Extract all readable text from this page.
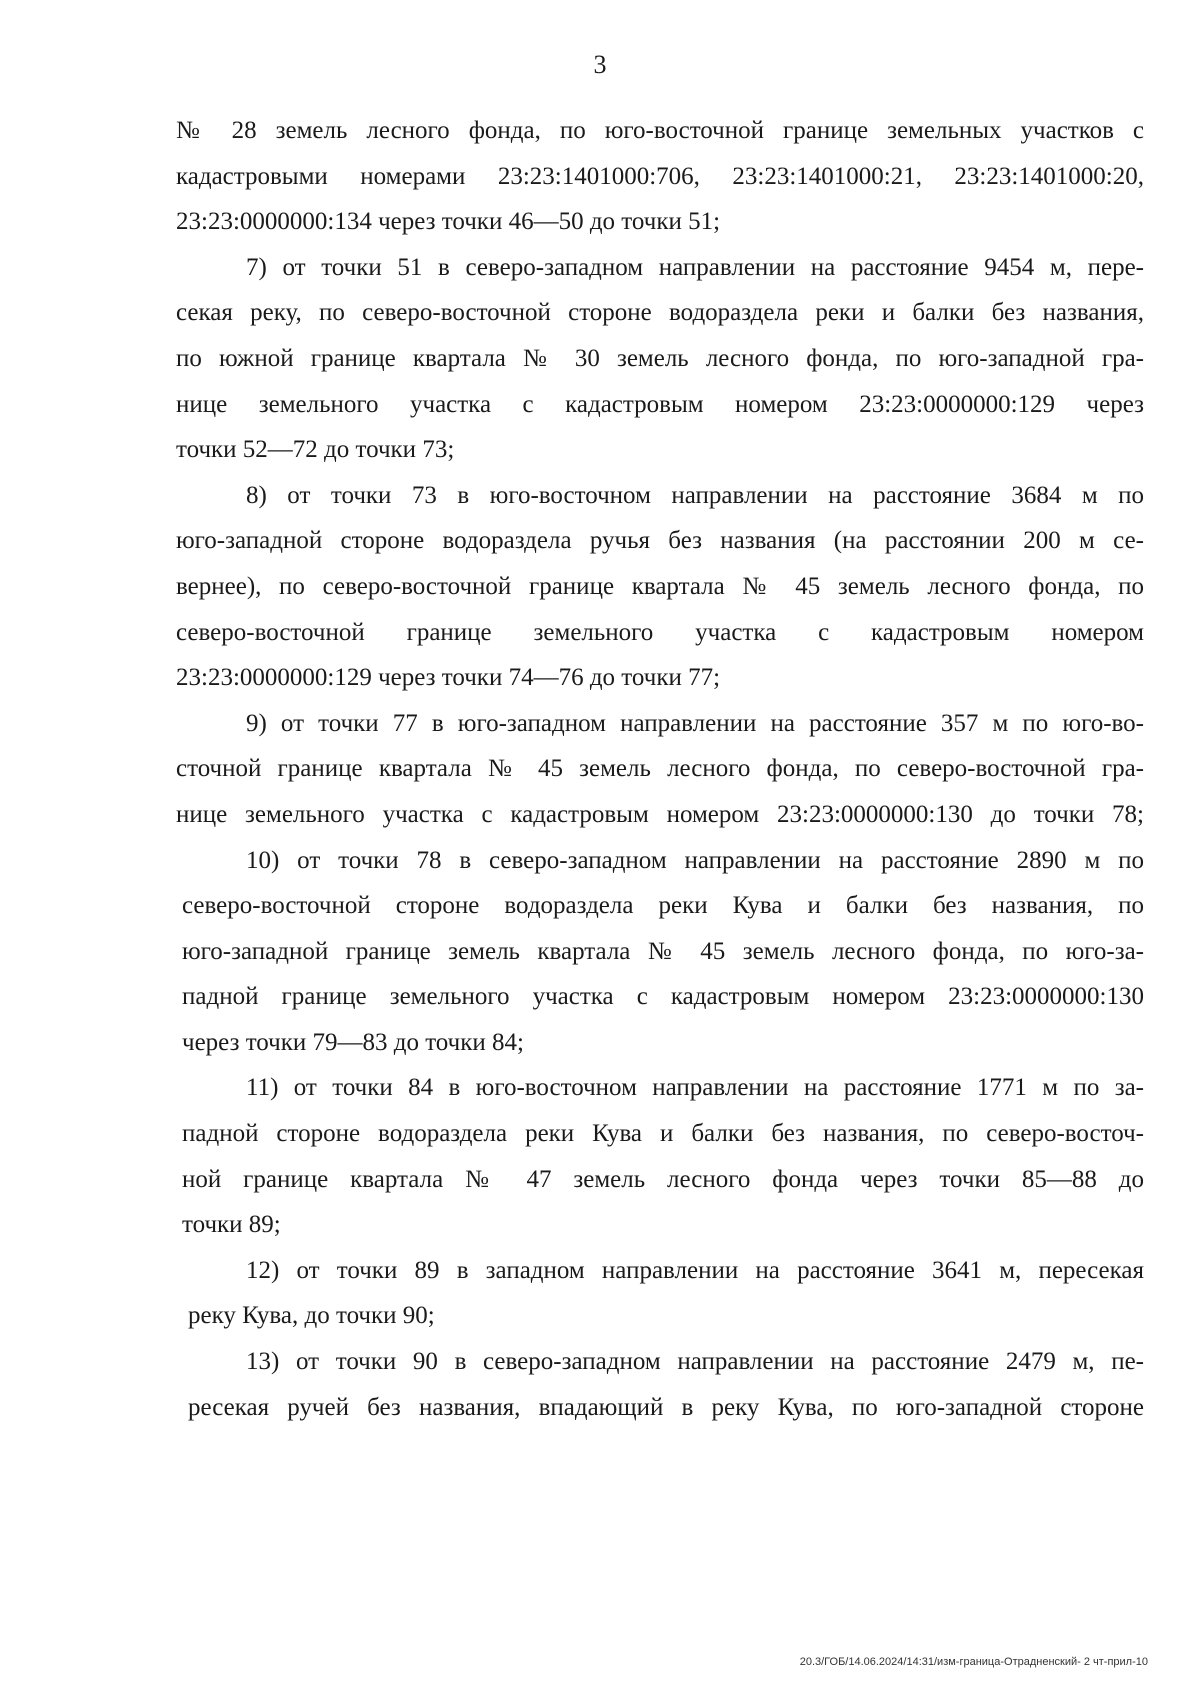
3

№ 28 земель лесного фонда, по юго-восточной границе земельных участков с
кадастровыми номерами 23:23:1401000:706, 23:23:1401000:21, 23:23:1401000:20,
23:23:0000000:134 через точки 46—50 до точки 51;

7) от точки 51 в северо-западном направлении на расстояние 9454 м, пере-
секая реку, по северо-восточной стороне водораздела реки и балки без названия,
по южной границе квартала № 30 земель лесного фонда, по юго-западной гра-
нице земельного участка с кадастровым номером 23:23:0000000:129 через
точки 52—72 до точки 73;

8) от точки 73 в юго-восточном направлении на расстояние 3684 м по
юго-западной стороне водораздела ручья без названия (на расстоянии 200 м се-
вернее), по северо-восточной границе квартала № 45 земель лесного фонда, по
северо-восточной границе земельного участка с кадастровым номером
23:23:0000000:129 через точки 74—76 до точки 77;

9) от точки 77 в юго-западном направлении на расстояние 357 м по юго-во-
сточной границе квартала № 45 земель лесного фонда, по северо-восточной гра-
нице земельного участка с кадастровым номером 23:23:0000000:130 до точки 78;

10) от точки 78 в северо-западном направлении на расстояние 2890 м по
северо-восточной стороне водораздела реки Кува и балки без названия, по
юго-западной границе земель квартала № 45 земель лесного фонда, по юго-за-
падной границе земельного участка с кадастровым номером 23:23:0000000:130
через точки 79—83 до точки 84;

11) от точки 84 в юго-восточном направлении на расстояние 1771 м по за-
падной стороне водораздела реки Кува и балки без названия, по северо-восточ-
ной границе квартала № 47 земель лесного фонда через точки 85—88 до
точки 89;

12) от точки 89 в западном направлении на расстояние 3641 м, пересекая
реку Кува, до точки 90;

13) от точки 90 в северо-западном направлении на расстояние 2479 м, пе-
ресекая ручей без названия, впадающий в реку Кува, по юго-западной стороне

20.3/ГОБ/14.06.2024/14:31/изм-граница-Отрадненский- 2 чт-прил-10
